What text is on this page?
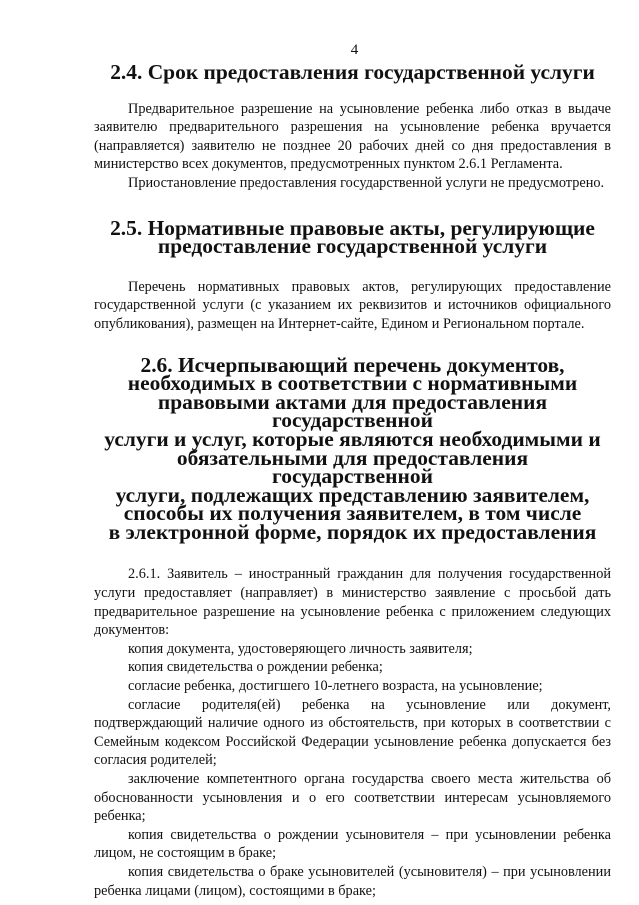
4
2.4. Срок предоставления государственной услуги

Предварительное разрешение на усыновление ребенка либо отказ в выдаче заявителю предварительного разрешения на усыновление ребенка вручается (направляется) заявителю не позднее 20 рабочих дней со дня предоставления в министерство всех документов, предусмотренных пунктом 2.6.1 Регламента.

Приостановление предоставления государственной услуги не предусмотрено.

2.5. Нормативные правовые акты, регулирующие
предоставление государственной услуги

Перечень нормативных правовых актов, регулирующих предоставление государственной услуги (с указанием их реквизитов и источников официального опубликования), размещен на Интернет-сайте, Едином и Региональном портале.

2.6. Исчерпывающий перечень документов,
необходимых в соответствии с нормативными
правовыми актами для предоставления государственной
услуги и услуг, которые являются необходимыми и
обязательными для предоставления государственной
услуги, подлежащих представлению заявителем,
способы их получения заявителем, в том числе
в электронной форме, порядок их предоставления

2.6.1. Заявитель – иностранный гражданин для получения государственной услуги предоставляет (направляет) в министерство заявление с просьбой дать предварительное разрешение на усыновление ребенка с приложением следующих документов:

копия документа, удостоверяющего личность заявителя;

копия свидетельства о рождении ребенка;

согласие ребенка, достигшего 10-летнего возраста, на усыновление;

согласие родителя(ей) ребенка на усыновление или документ, подтверждающий наличие одного из обстоятельств, при которых в соответствии с Семейным кодексом Российской Федерации усыновление ребенка допускается без согласия родителей;

заключение компетентного органа государства своего места жительства об обоснованности усыновления и о его соответствии интересам усыновляемого ребенка;

копия свидетельства о рождении усыновителя – при усыновлении ребенка лицом, не состоящим в браке;

копия свидетельства о браке усыновителей (усыновителя) – при усыновлении ребенка лицами (лицом), состоящими в браке;
